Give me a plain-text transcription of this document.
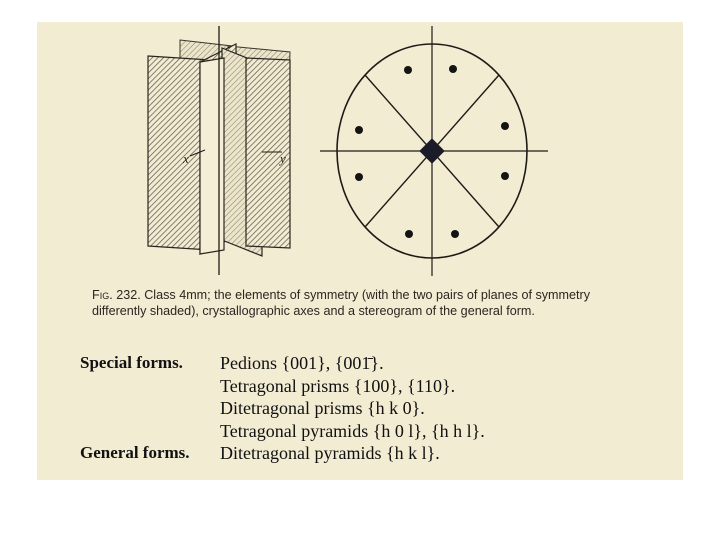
x	y
Fig. 232. Class 4mm; the elements of symmetry (with the two pairs of planes of symmetry differently shaded), crystallographic axes and a stereogram of the general form.
Special forms.	Pedions {001}, {001̄}.
Tetragonal prisms {100}, {110}.
Ditetragonal prisms {h k 0}.
Tetragonal pyramids {h 0 l}, {h h l}.
General forms.	Ditetragonal pyramids {h k l}.
